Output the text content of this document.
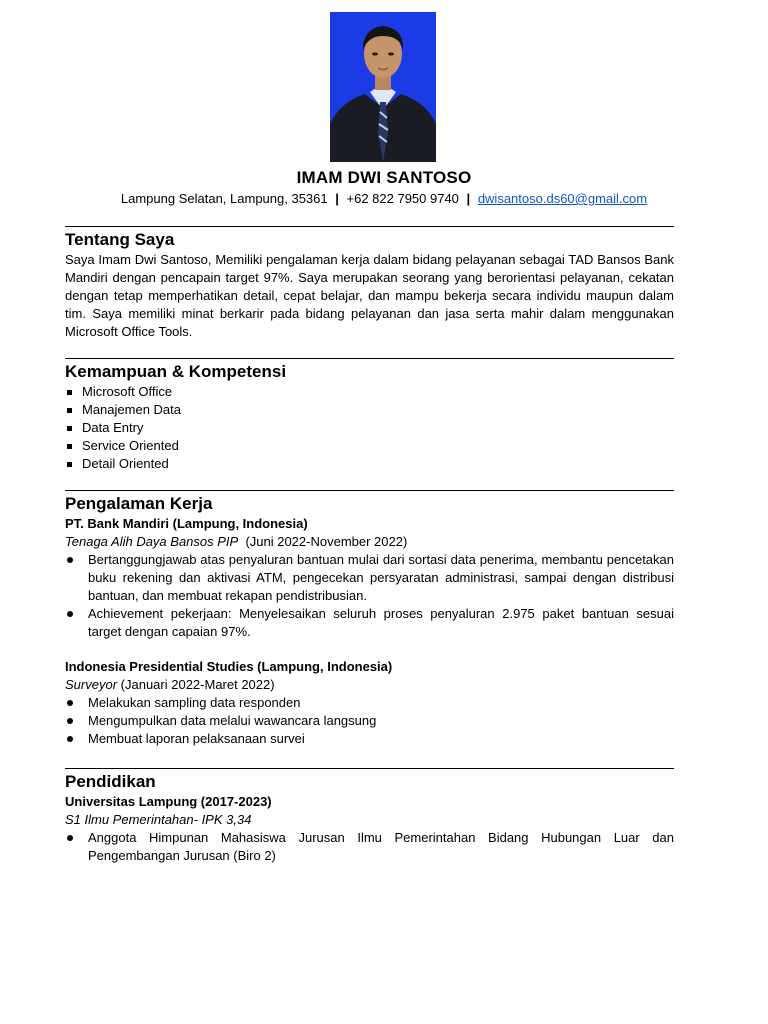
IMAM DWI SANTOSO
Lampung Selatan, Lampung, 35361 | +62 822 7950 9740 | dwisantoso.ds60@gmail.com
Tentang Saya
Saya Imam Dwi Santoso, Memiliki pengalaman kerja dalam bidang pelayanan sebagai TAD Bansos Bank Mandiri dengan pencapain target 97%. Saya merupakan seorang yang berorientasi pelayanan, cekatan dengan tetap memperhatikan detail, cepat belajar, dan mampu bekerja secara individu maupun dalam tim. Saya memiliki minat berkarir pada bidang pelayanan dan jasa serta mahir dalam menggunakan Microsoft Office Tools.
Kemampuan & Kompetensi
Microsoft Office
Manajemen Data
Data Entry
Service Oriented
Detail Oriented
Pengalaman Kerja
PT. Bank Mandiri (Lampung, Indonesia)
Tenaga Alih Daya Bansos PIP (Juni 2022-November 2022)
Bertanggungjawab atas penyaluran bantuan mulai dari sortasi data penerima, membantu pencetakan buku rekening dan aktivasi ATM, pengecekan persyaratan administrasi, sampai dengan distribusi bantuan, dan membuat rekapan pendistribusian.
Achievement pekerjaan: Menyelesaikan seluruh proses penyaluran 2.975 paket bantuan sesuai target dengan capaian 97%.
Indonesia Presidential Studies (Lampung, Indonesia)
Surveyor (Januari 2022-Maret 2022)
Melakukan sampling data responden
Mengumpulkan data melalui wawancara langsung
Membuat laporan pelaksanaan survei
Pendidikan
Universitas Lampung (2017-2023)
S1 Ilmu Pemerintahan- IPK 3,34
Anggota Himpunan Mahasiswa Jurusan Ilmu Pemerintahan Bidang Hubungan Luar dan Pengembangan Jurusan (Biro 2)
